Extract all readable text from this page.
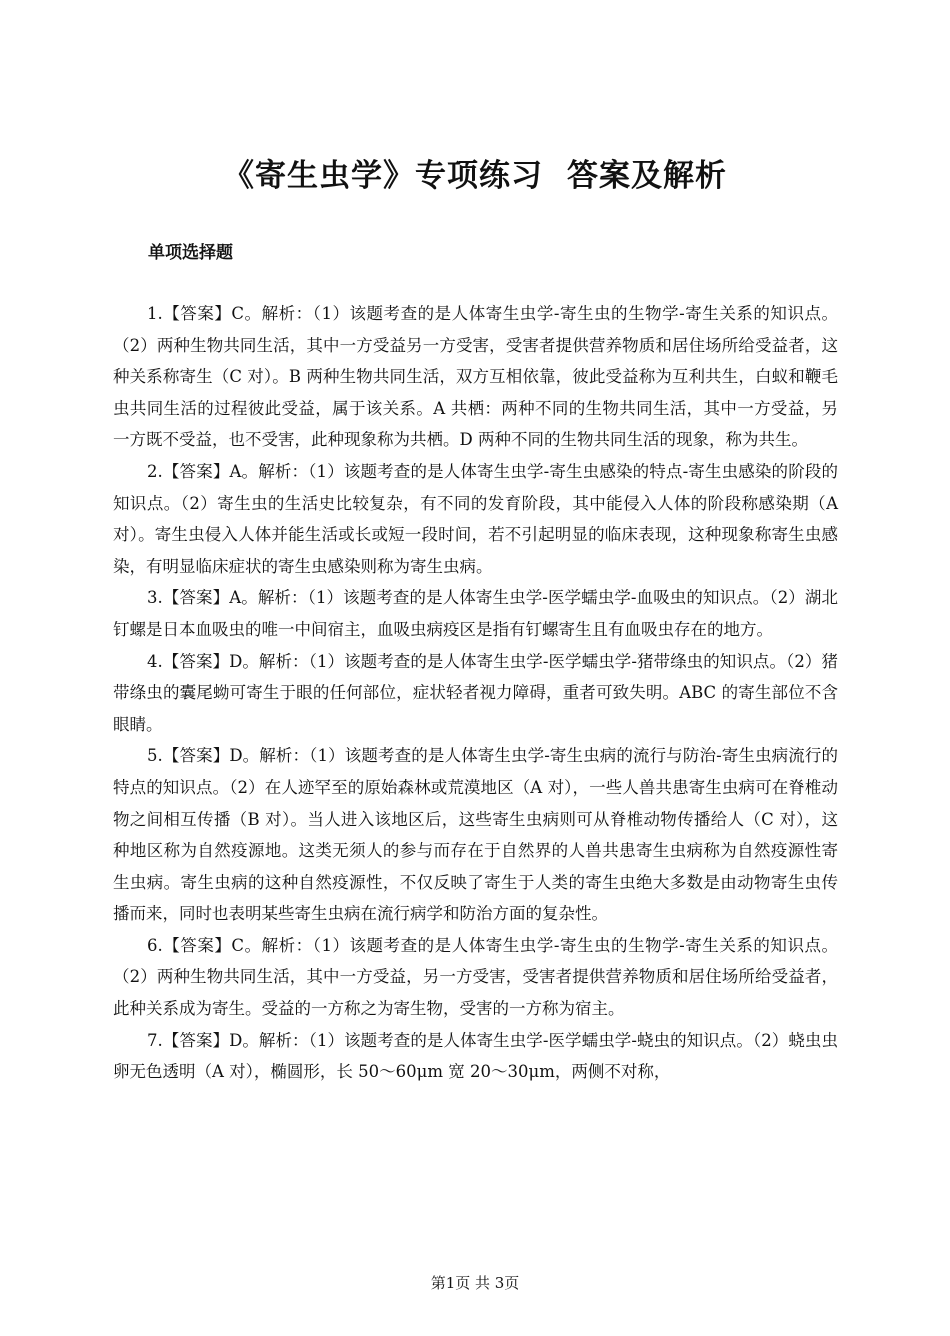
《寄生虫学》专项练习 答案及解析
单项选择题

1.【答案】C。解析：（1）该题考查的是人体寄生虫学-寄生虫的生物学-寄生关系的知识点。（2）两种生物共同生活，其中一方受益另一方受害，受害者提供营养物质和居住场所给受益者，这种关系称寄生（C 对）。B 两种生物共同生活，双方互相依靠，彼此受益称为互利共生，白蚁和鞭毛虫共同生活的过程彼此受益，属于该关系。A 共栖：两种不同的生物共同生活，其中一方受益，另一方既不受益，也不受害，此种现象称为共栖。D 两种不同的生物共同生活的现象，称为共生。

2.【答案】A。解析：（1）该题考查的是人体寄生虫学-寄生虫感染的特点-寄生虫感染的阶段的知识点。（2）寄生虫的生活史比较复杂，有不同的发育阶段，其中能侵入人体的阶段称感染期（A 对）。寄生虫侵入人体并能生活或长或短一段时间，若不引起明显的临床表现，这种现象称寄生虫感染，有明显临床症状的寄生虫感染则称为寄生虫病。

3.【答案】A。解析：（1）该题考查的是人体寄生虫学-医学蠕虫学-血吸虫的知识点。（2）湖北钉螺是日本血吸虫的唯一中间宿主，血吸虫病疫区是指有钉螺寄生且有血吸虫存在的地方。

4.【答案】D。解析：（1）该题考查的是人体寄生虫学-医学蠕虫学-猪带绦虫的知识点。（2）猪带绦虫的囊尾蚴可寄生于眼的任何部位，症状轻者视力障碍，重者可致失明。ABC 的寄生部位不含眼睛。

5.【答案】D。解析：（1）该题考查的是人体寄生虫学-寄生虫病的流行与防治-寄生虫病流行的特点的知识点。（2）在人迹罕至的原始森林或荒漠地区（A 对），一些人兽共患寄生虫病可在脊椎动物之间相互传播（B 对）。当人进入该地区后，这些寄生虫病则可从脊椎动物传播给人（C 对），这种地区称为自然疫源地。这类无须人的参与而存在于自然界的人兽共患寄生虫病称为自然疫源性寄生虫病。寄生虫病的这种自然疫源性，不仅反映了寄生于人类的寄生虫绝大多数是由动物寄生虫传播而来，同时也表明某些寄生虫病在流行病学和防治方面的复杂性。

6.【答案】C。解析：（1）该题考查的是人体寄生虫学-寄生虫的生物学-寄生关系的知识点。（2）两种生物共同生活，其中一方受益，另一方受害，受害者提供营养物质和居住场所给受益者，此种关系成为寄生。受益的一方称之为寄生物，受害的一方称为宿主。

7.【答案】D。解析：（1）该题考查的是人体寄生虫学-医学蠕虫学-蛲虫的知识点。（2）蛲虫虫卵无色透明（A 对），椭圆形，长 50～60μm 宽 20～30μm，两侧不对称，

第1页 共 3页
